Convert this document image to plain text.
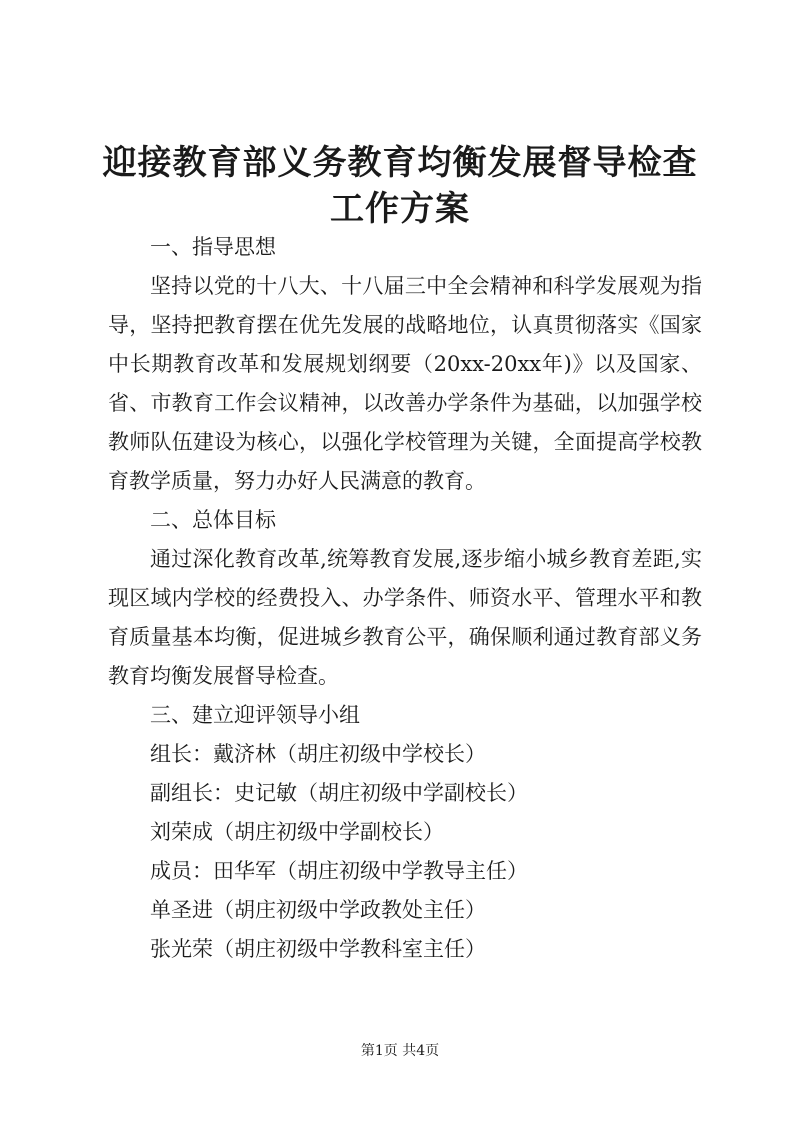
迎接教育部义务教育均衡发展督导检查工作方案

一、指导思想

坚持以党的十八大、十八届三中全会精神和科学发展观为指导，坚持把教育摆在优先发展的战略地位，认真贯彻落实《国家中长期教育改革和发展规划纲要（20xx-20xx年)》以及国家、省、市教育工作会议精神，以改善办学条件为基础，以加强学校教师队伍建设为核心，以强化学校管理为关键，全面提高学校教育教学质量，努力办好人民满意的教育。

二、总体目标

通过深化教育改革,统筹教育发展,逐步缩小城乡教育差距,实现区域内学校的经费投入、办学条件、师资水平、管理水平和教育质量基本均衡，促进城乡教育公平，确保顺利通过教育部义务教育均衡发展督导检查。

三、建立迎评领导小组

组长：戴济林（胡庄初级中学校长）

副组长：史记敏（胡庄初级中学副校长）

刘荣成（胡庄初级中学副校长）

成员：田华军（胡庄初级中学教导主任）

单圣进（胡庄初级中学政教处主任）

张光荣（胡庄初级中学教科室主任）

第1页 共4页
